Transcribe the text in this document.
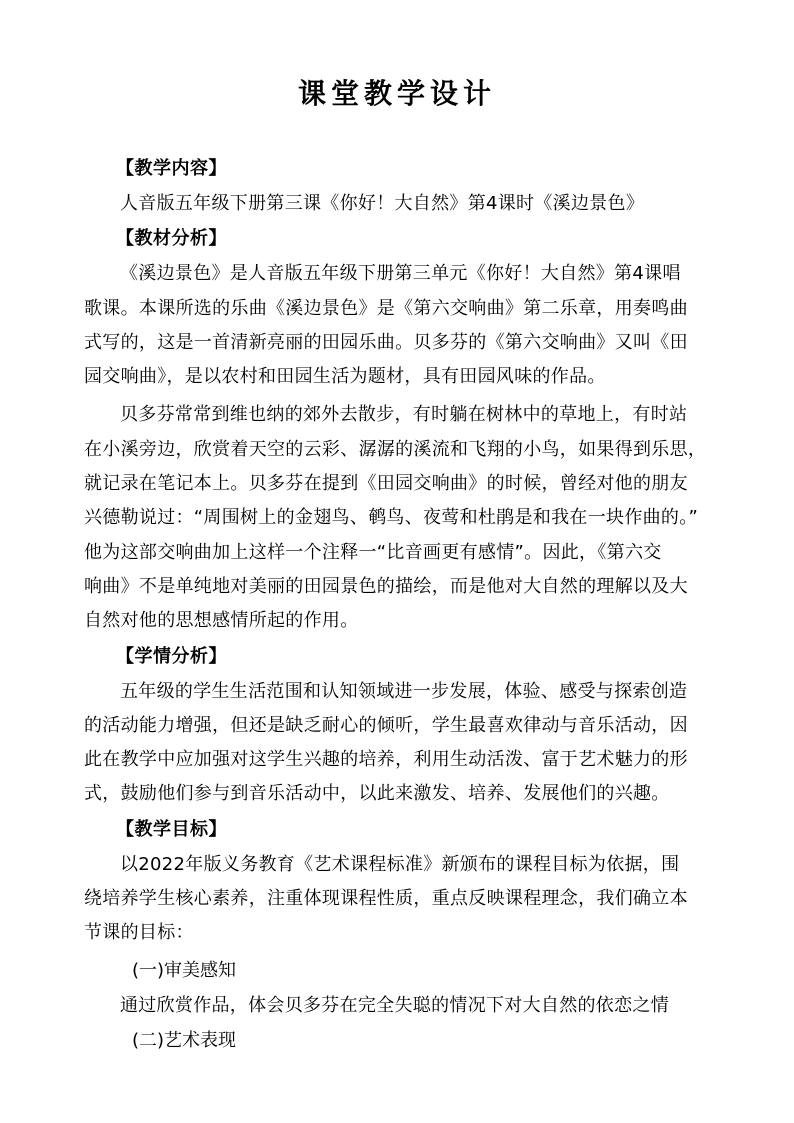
课堂教学设计
【教学内容】
人音版五年级下册第三课《你好！大自然》第4课时《溪边景色》
【教材分析】
《溪边景色》是人音版五年级下册第三单元《你好！大自然》第4课唱
歌课。本课所选的乐曲《溪边景色》是《第六交响曲》第二乐章，用奏鸣曲
式写的，这是一首清新亮丽的田园乐曲。贝多芬的《第六交响曲》又叫《田
园交响曲》，是以农村和田园生活为题材，具有田园风味的作品。
贝多芬常常到维也纳的郊外去散步，有时躺在树林中的草地上，有时站
在小溪旁边，欣赏着天空的云彩、潺潺的溪流和飞翔的小鸟，如果得到乐思，
就记录在笔记本上。贝多芬在提到《田园交响曲》的时候，曾经对他的朋友
兴德勒说过：“周围树上的金翅鸟、鹌鸟、夜莺和杜鹃是和我在一块作曲的。”
他为这部交响曲加上这样一个注释一“比音画更有感情”。因此，《第六交
响曲》不是单纯地对美丽的田园景色的描绘，而是他对大自然的理解以及大
自然对他的思想感情所起的作用。
【学情分析】
五年级的学生生活范围和认知领域进一步发展，体验、感受与探索创造
的活动能力增强，但还是缺乏耐心的倾听，学生最喜欢律动与音乐活动，因
此在教学中应加强对这学生兴趣的培养，利用生动活泼、富于艺术魅力的形
式，鼓励他们参与到音乐活动中，以此来激发、培养、发展他们的兴趣。
【教学目标】
以2022年版义务教育《艺术课程标准》新颁布的课程目标为依据，围
绕培养学生核心素养，注重体现课程性质，重点反映课程理念，我们确立本
节课的目标：
(一)审美感知
通过欣赏作品，体会贝多芬在完全失聪的情况下对大自然的依恋之情
(二)艺术表现
